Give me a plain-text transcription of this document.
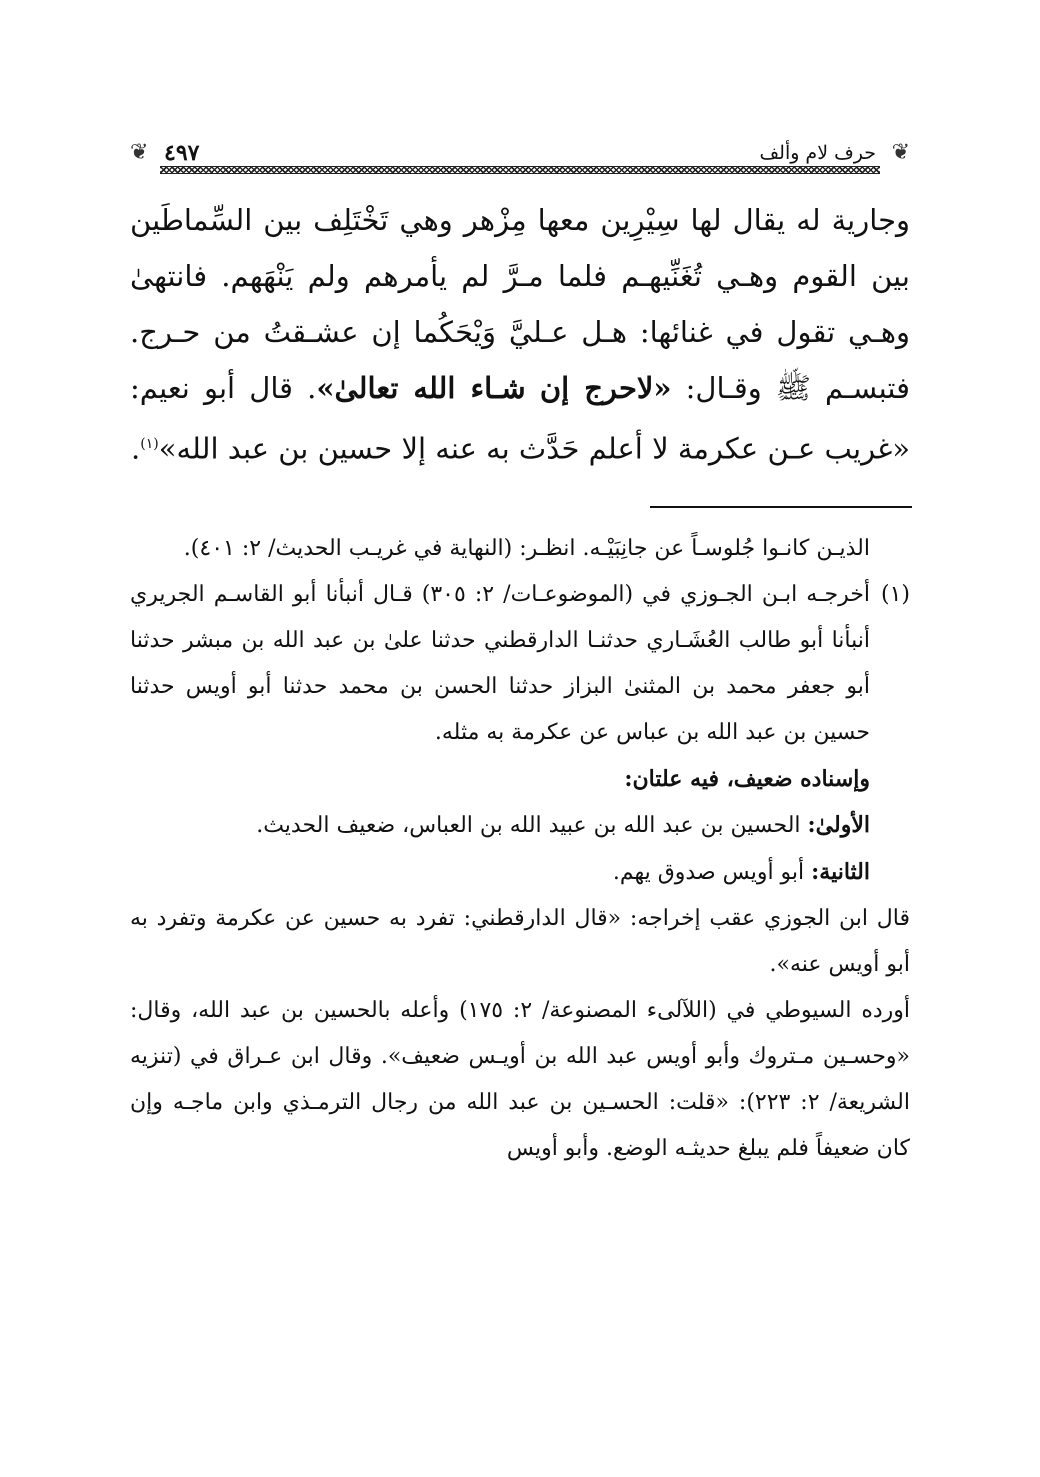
❦
حرف لام وألف
٤٩٧
❦

وجارية له يقال لها سِيْرِين معها مِزْهر وهي تَخْتَلِف بين السِّماطَين بين القوم وهـي تُغَنِّيهـم فلما مـرَّ لم يأمرهم ولم يَنْهَهم. فانتهىٰ وهـي تقول في غنائها: هـل عـليَّ وَيْحَكُما إن عشـقتُ من حـرج. فتبسـم ﷺ وقـال: «لاحرج إن شـاء الله تعالىٰ». قال أبو نعيم: «غريب عـن عكرمة لا أعلم حَدَّث به عنه إلا حسين بن عبد الله»$^{(١)}$.

الذيـن كانـوا جُلوسـاً عن جانِبَيْـه. انظـر: (النهاية في غريـب الحديث/ ٢: ٤٠١).

(١)

أخرجـه ابـن الجـوزي في (الموضوعـات/ ٢: ٣٠٥) قـال أنبأنا أبو القاسـم الجريري أنبأنا أبو طالب العُشَـاري حدثنـا الدارقطني حدثنا علىٰ بن عبد الله بن مبشر حدثنا أبو جعفر محمد بن المثنىٰ البزاز حدثنا الحسن بن محمد حدثنا أبو أويس حدثنا حسين بن عبد الله بن عباس عن عكرمة به مثله.

وإسناده ضعيف، فيه علتان:

الأولىٰ: الحسين بن عبد الله بن عبيد الله بن العباس، ضعيف الحديث.

الثانية: أبو أويس صدوق يهم.

قال ابن الجوزي عقب إخراجه: «قال الدارقطني: تفرد به حسين عن عكرمة وتفرد به أبو أويس عنه».

أورده السيوطي في (اللآلىء المصنوعة/ ٢: ١٧٥) وأعله بالحسين بن عبد الله، وقال: «وحسـين مـتروك وأبو أويس عبد الله بن أويـس ضعيف». وقال ابن عـراق في (تنزيه الشريعة/ ٢: ٢٢٣): «قلت: الحسـين بن عبد الله من رجال الترمـذي وابن ماجـه وإن كان ضعيفاً فلم يبلغ حديثـه الوضع. وأبو أويس
